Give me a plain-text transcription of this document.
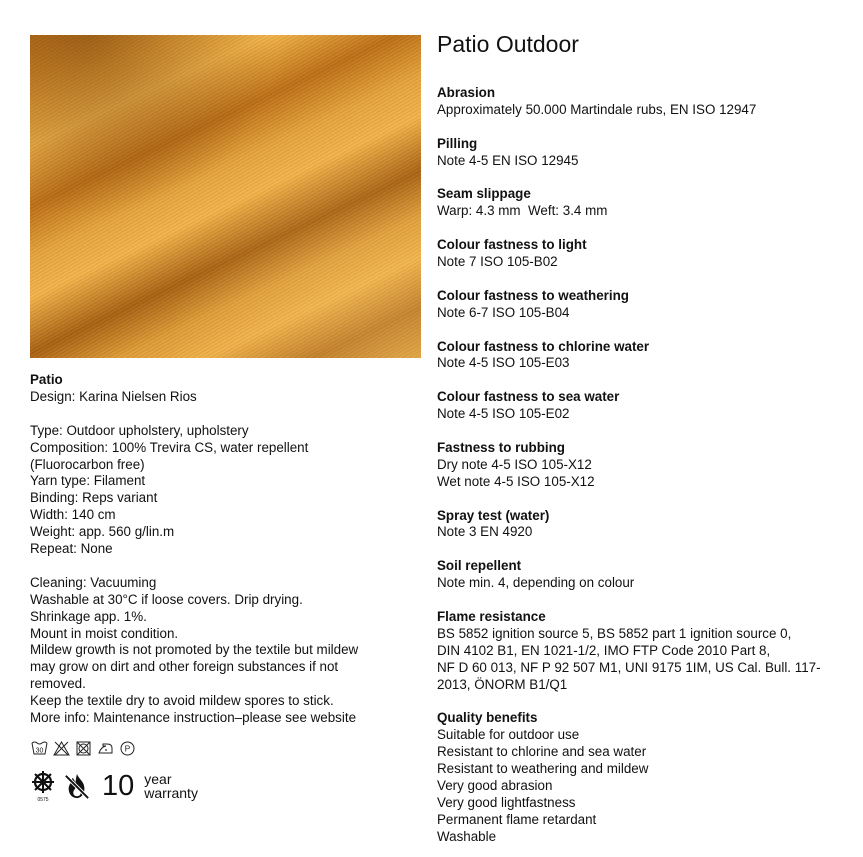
Patio

Design: Karina Nielsen Rios

Type: Outdoor upholstery, upholstery

Composition: 100% Trevira CS, water repellent

(Fluorocarbon free)

Yarn type: Filament

Binding: Reps variant

Width: 140 cm

Weight: app. 560 g/lin.m

Repeat: None

Cleaning: Vacuuming

Washable at 30°C if loose covers. Drip drying.

Shrinkage app. 1%.

Mount in moist condition.

Mildew growth is not promoted by the textile but mildew

may grow on dirt and other foreign substances if not

removed.

Keep the textile dry to avoid mildew spores to stick.

More info: Maintenance instruction–please see website

30	P
0575 10 year
warranty
Patio Outdoor

Abrasion

Approximately 50.000 Martindale rubs, EN ISO 12947

Pilling

Note 4-5 EN ISO 12945

Seam slippage

Warp: 4.3 mm  Weft: 3.4 mm

Colour fastness to light

Note 7 ISO 105-B02

Colour fastness to weathering

Note 6-7 ISO 105-B04

Colour fastness to chlorine water

Note 4-5 ISO 105-E03

Colour fastness to sea water

Note 4-5 ISO 105-E02

Fastness to rubbing

Dry note 4-5 ISO 105-X12

Wet note 4-5 ISO 105-X12

Spray test (water)

Note 3 EN 4920

Soil repellent

Note min. 4, depending on colour

Flame resistance

BS 5852 ignition source 5, BS 5852 part 1 ignition source 0,

DIN 4102 B1, EN 1021-1/2, IMO FTP Code 2010 Part 8,

NF D 60 013, NF P 92 507 M1, UNI 9175 1IM, US Cal. Bull. 117-

2013, ÖNORM B1/Q1

Quality benefits

Suitable for outdoor use

Resistant to chlorine and sea water

Resistant to weathering and mildew

Very good abrasion

Very good lightfastness

Permanent flame retardant

Washable
